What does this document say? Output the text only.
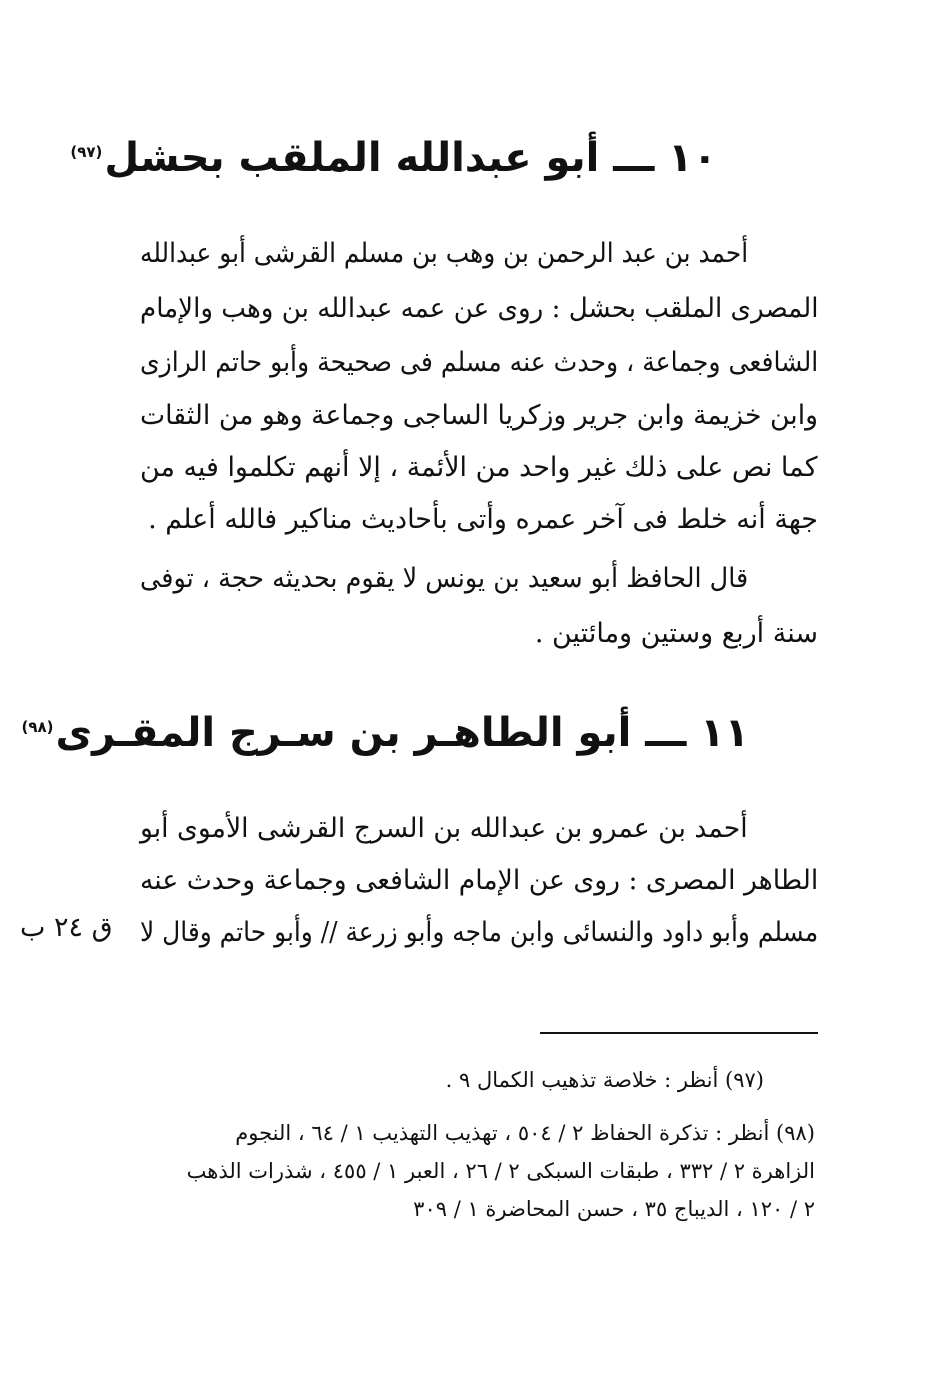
١٠ ـــ أبو عبدالله الملقب بحشل$^{(٩٧)}$
أحمد بن عبد الرحمن بن وهب بن مسلم القرشى أبو عبدالله
المصرى الملقب بحشل : روى عن عمه عبدالله بن وهب والإمام
الشافعى وجماعة ، وحدث عنه مسلم فى صحيحة وأبو حاتم الرازى
وابن خزيمة وابن جرير وزكريا الساجى وجماعة وهو من الثقات
كما نص على ذلك غير واحد من الأئمة ، إلا أنهم تكلموا فيه من
جهة أنه خلط فى آخر عمره وأتى بأحاديث مناكير فالله أعلم .
قال الحافظ أبو سعيد بن يونس لا يقوم بحديثه حجة ، توفى
سنة أربع وستين ومائتين .
١١ ـــ أبو الطاهـر بن سـرج المقـرى$^{(٩٨)}$
أحمد بن عمرو بن عبدالله بن السرج القرشى الأموى أبو
الطاهر المصرى : روى عن الإمام الشافعى وجماعة وحدث عنه
مسلم وأبو داود والنسائى وابن ماجه وأبو زرعة // وأبو حاتم وقال لا
ق ٢٤ ب
(٩٧) أنظر : خلاصة تذهيب الكمال ٩ .
(٩٨) أنظر : تذكرة الحفاظ ٢ / ٥٠٤ ، تهذيب التهذيب ١ / ٦٤ ، النجوم
الزاهرة ٢ / ٣٣٢ ، طبقات السبكى ٢ / ٢٦ ، العبر ١ / ٤٥٥ ، شذرات الذهب
٢ / ١٢٠ ، الديباج ٣٥ ، حسن المحاضرة ١ / ٣٠٩
